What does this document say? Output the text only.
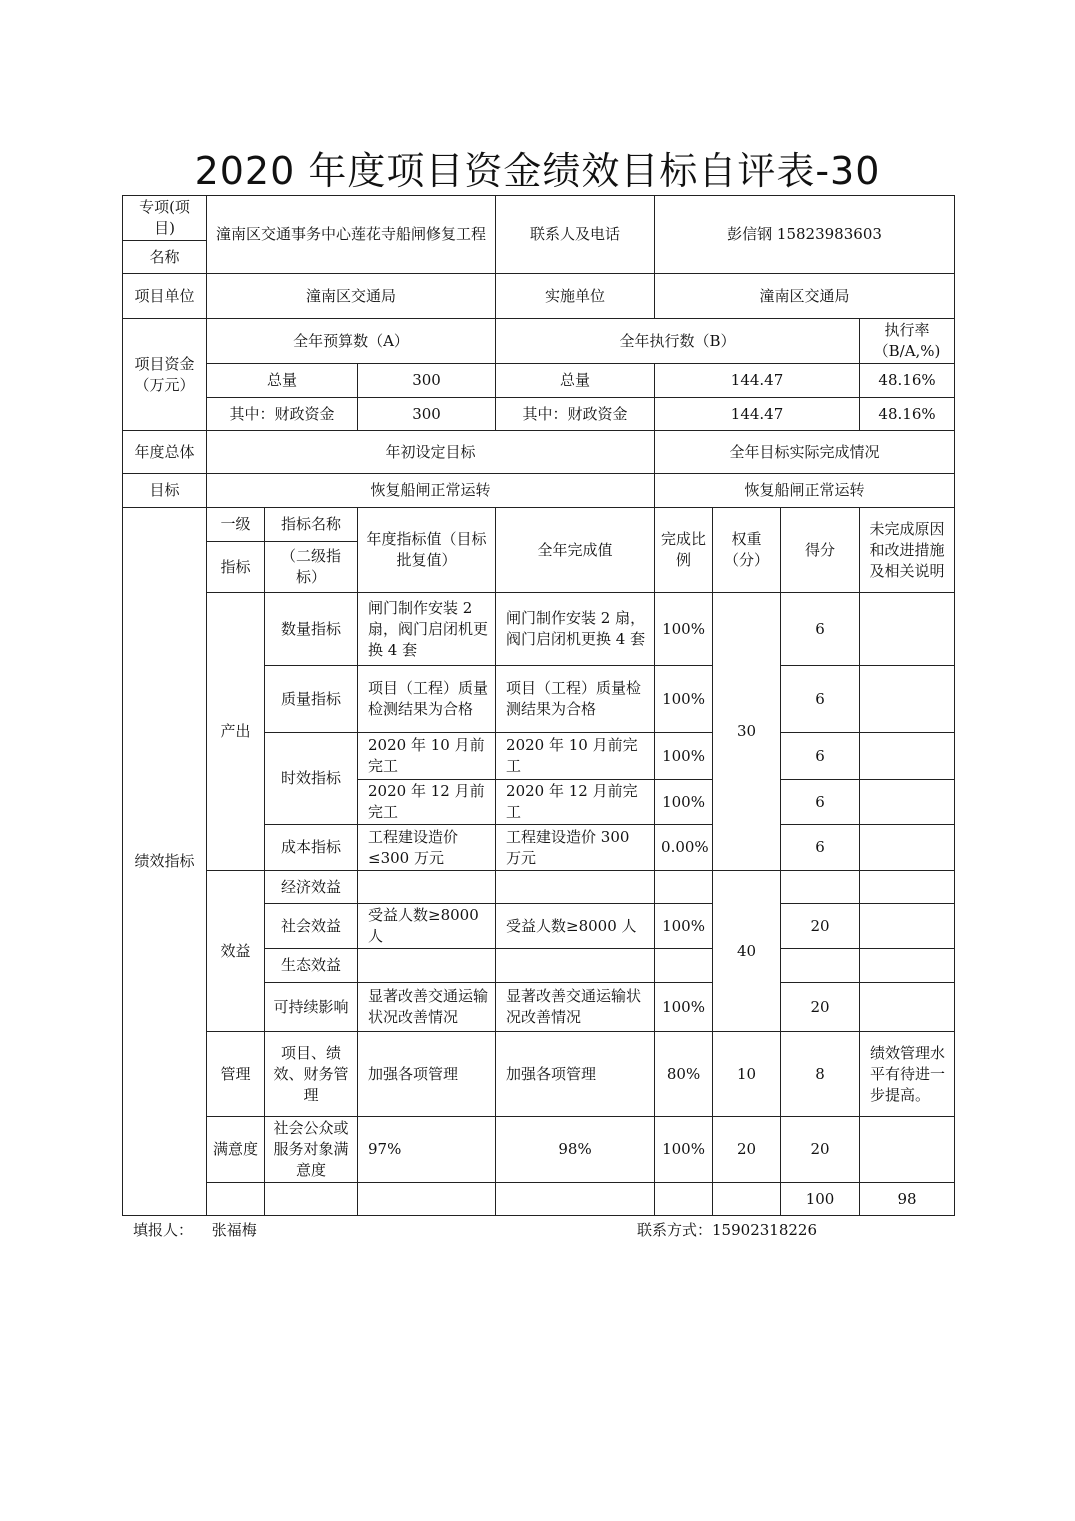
2020 年度项目资金绩效目标自评表-30
专项(项目)	潼南区交通事务中心莲花寺船闸修复工程			联系人及电话	彭信钢 15823983603				
名称									
项目单位	潼南区交通局			实施单位	潼南区交通局				
项目资金（万元）	全年预算数（A）			全年执行数（B）				执行率（B/A,%)	
	总量		300	总量	144.47			48.16%	
	其中：财政资金		300	其中：财政资金	144.47			48.16%	
年度总体	年初设定目标				全年目标实际完成情况				
目标	恢复船闸正常运转				恢复船闸正常运转				
绩效指标	一级	指标名称	年度指标值（目标批复值）	全年完成值	完成比例	权重（分）	得分	未完成原因和改进措施及相关说明	
	指标	（二级指标）							
	产出	数量指标	闸门制作安装 2 扇，阀门启闭机更换 4 套	闸门制作安装 2 扇，阀门启闭机更换 4 套	100%	30	6		
		质量指标	项目（工程）质量检测结果为合格	项目（工程）质量检测结果为合格	100%		6		
		时效指标	2020 年 10 月前完工	2020 年 10 月前完工	100%		6		
			2020 年 12 月前完工	2020 年 12 月前完工	100%		6		
		成本指标	工程建设造价≤300 万元	工程建设造价 300 万元	0.00%		6		
	效益	经济效益				40			
		社会效益	受益人数≥8000 人	受益人数≥8000 人	100%		20		
		生态效益							
		可持续影响	显著改善交通运输状况改善情况	显著改善交通运输状况改善情况	100%		20		
	管理	项目、绩效、财务管理	加强各项管理	加强各项管理	80%	10	8	绩效管理水平有待进一步提高。	
	满意度	社会公众或服务对象满意度	97%	98%	100%	20	20		
							100	98	
填报人： 张福梅	联系方式：15902318226
